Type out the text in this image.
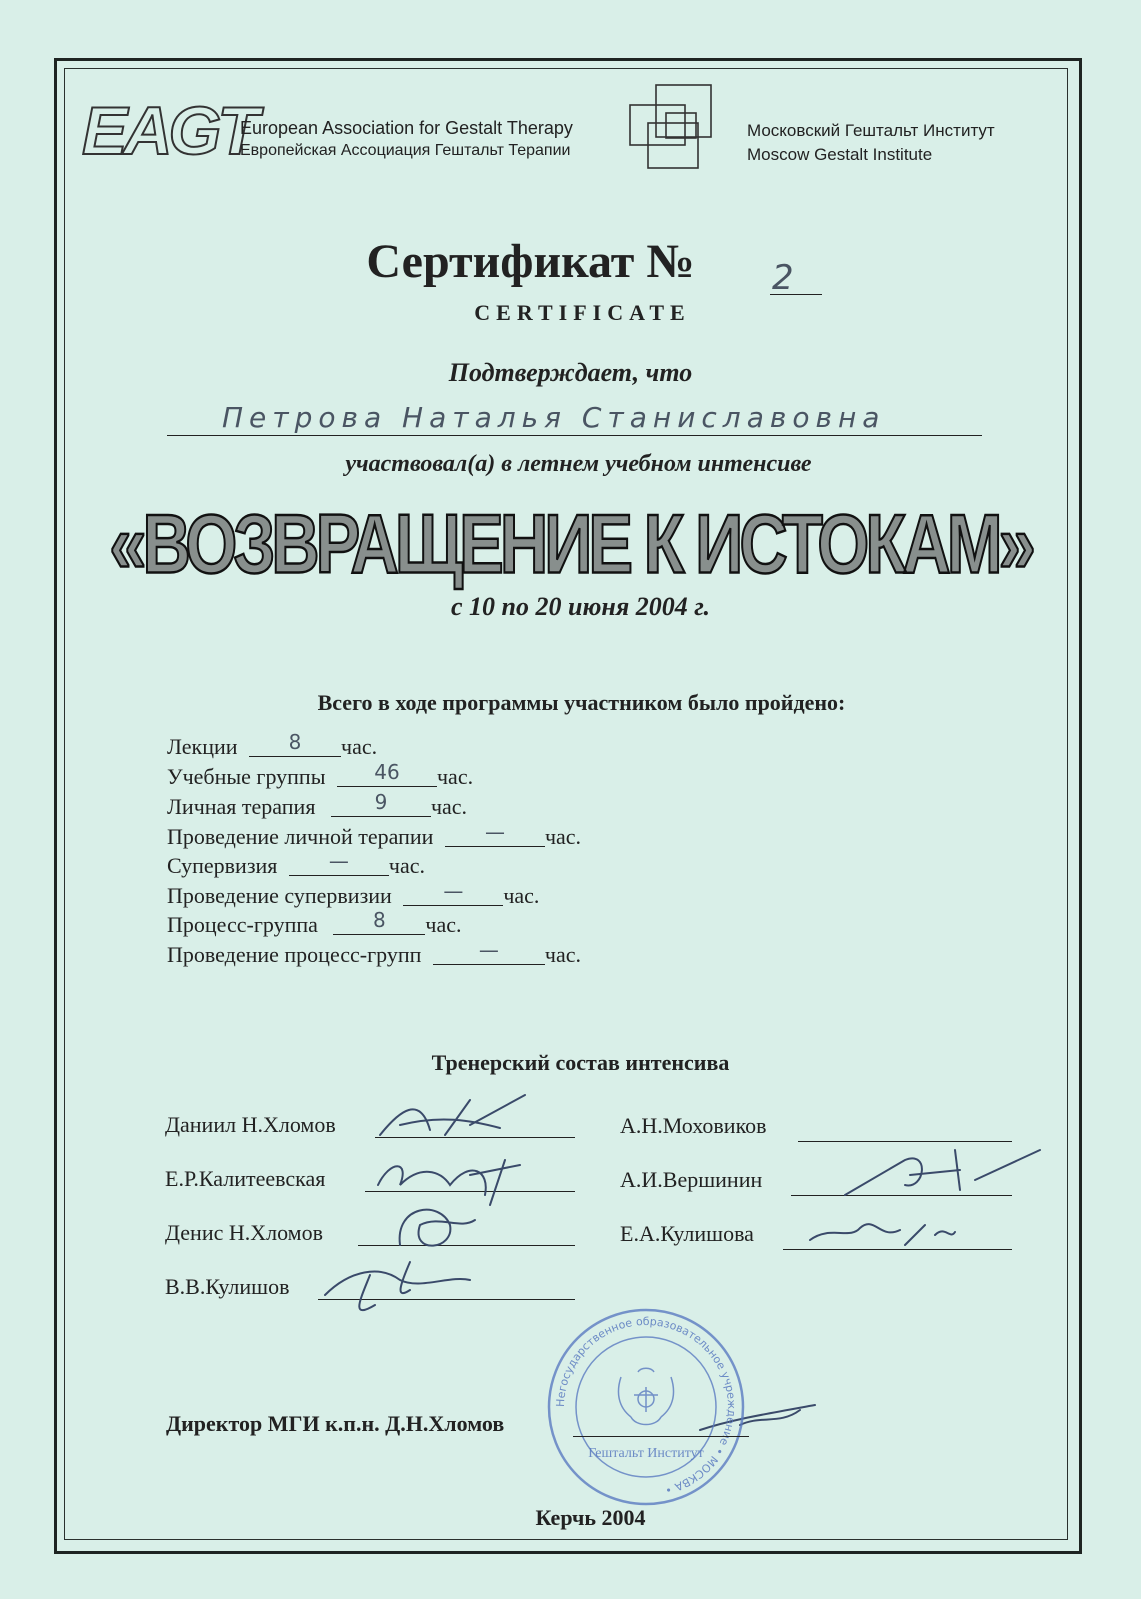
EAGT
European Association for Gestalt Therapy
Европейская Ассоциация Гештальт Терапии
Московский Гештальт Институт
Moscow Gestalt Institute
Сертификат №	2
CERTIFICATE
Подтверждает, что
Петрова Наталья Станиславовна
участвовал(а) в летнем учебном интенсиве
«ВОЗВРАЩЕНИЕ К ИСТОКАМ»
с 10 по 20 июня 2004 г.
Всего в ходе программы участником было пройдено:
Лекции	8 час.
Учебные группы 46 час.
Личная терапия	9 час.
Проведение личной терапии	— час.
Супервизия	— час.
Проведение супервизии	— час.
Процесс-группа	8 час.
Проведение процесс-групп	— час.
Тренерский состав интенсива
Даниил Н.Хломов
Е.Р.Калитеевская
Денис Н.Хломов
В.В.Кулишов
А.Н.Моховиков
А.И.Вершинин
Е.А.Кулишова
Негосударственное образовательное учреждение • МОСКВА •
Гештальт Институт
Директор МГИ к.п.н. Д.Н.Хломов
Керчь 2004
